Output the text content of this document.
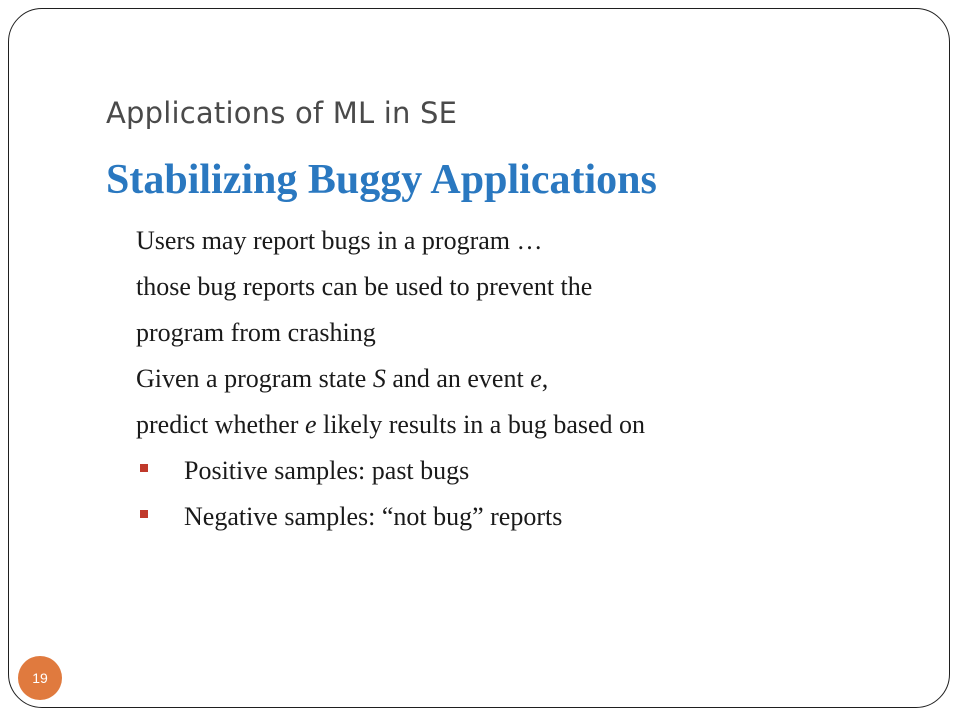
Applications of ML in SE
Stabilizing Buggy Applications
Users may report bugs in a program …
those bug reports can be used to prevent the
program from crashing
Given a program state S and an event e,
predict whether e likely results in a bug based on
Positive samples: past bugs
Negative samples: “not bug” reports
19
